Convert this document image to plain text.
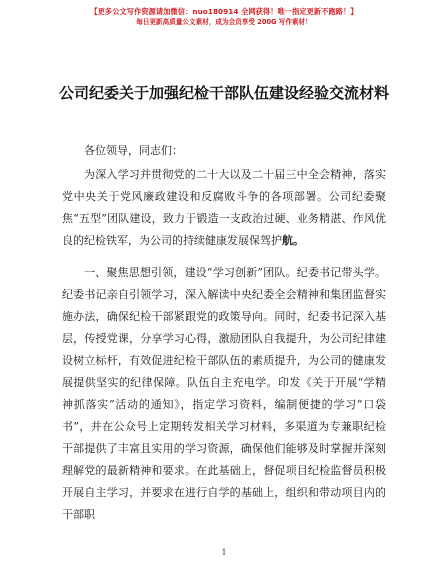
【更多公文写作资源请加微信：nuo180914 全网获得！唯一指定更新不跑路！】
每日更新高质量公文素材，成为会员享受 200G 写作素材！
公司纪委关于加强纪检干部队伍建设经验交流材料

各位领导，同志们：

为深入学习并贯彻党的二十大以及二十届三中全会精神，落实党中央关于党风廉政建设和反腐败斗争的各项部署。公司纪委聚焦“五型”团队建设，致力于锻造一支政治过硬、业务精湛、作风优良的纪检铁军，为公司的持续健康发展保驾护航。

一、聚焦思想引领，建设“学习创新”团队。纪委书记带头学。纪委书记亲自引领学习，深入解读中央纪委全会精神和集团监督实施办法，确保纪检干部紧跟党的政策导向。同时，纪委书记深入基层，传授党课，分享学习心得，激励团队自我提升，为公司纪律建设树立标杆，有效促进纪检干部队伍的素质提升，为公司的健康发展提供坚实的纪律保障。队伍自主充电学。印发《关于开展“学精神抓落实”活动的通知》，指定学习资料，编制便捷的学习“口袋书”，并在公众号上定期转发相关学习材料，多渠道为专兼职纪检干部提供了丰富且实用的学习资源，确保他们能够及时掌握并深刻理解党的最新精神和要求。在此基础上，督促项目纪检监督员积极开展自主学习，并要求在进行自学的基础上，组织和带动项目内的干部职

1
